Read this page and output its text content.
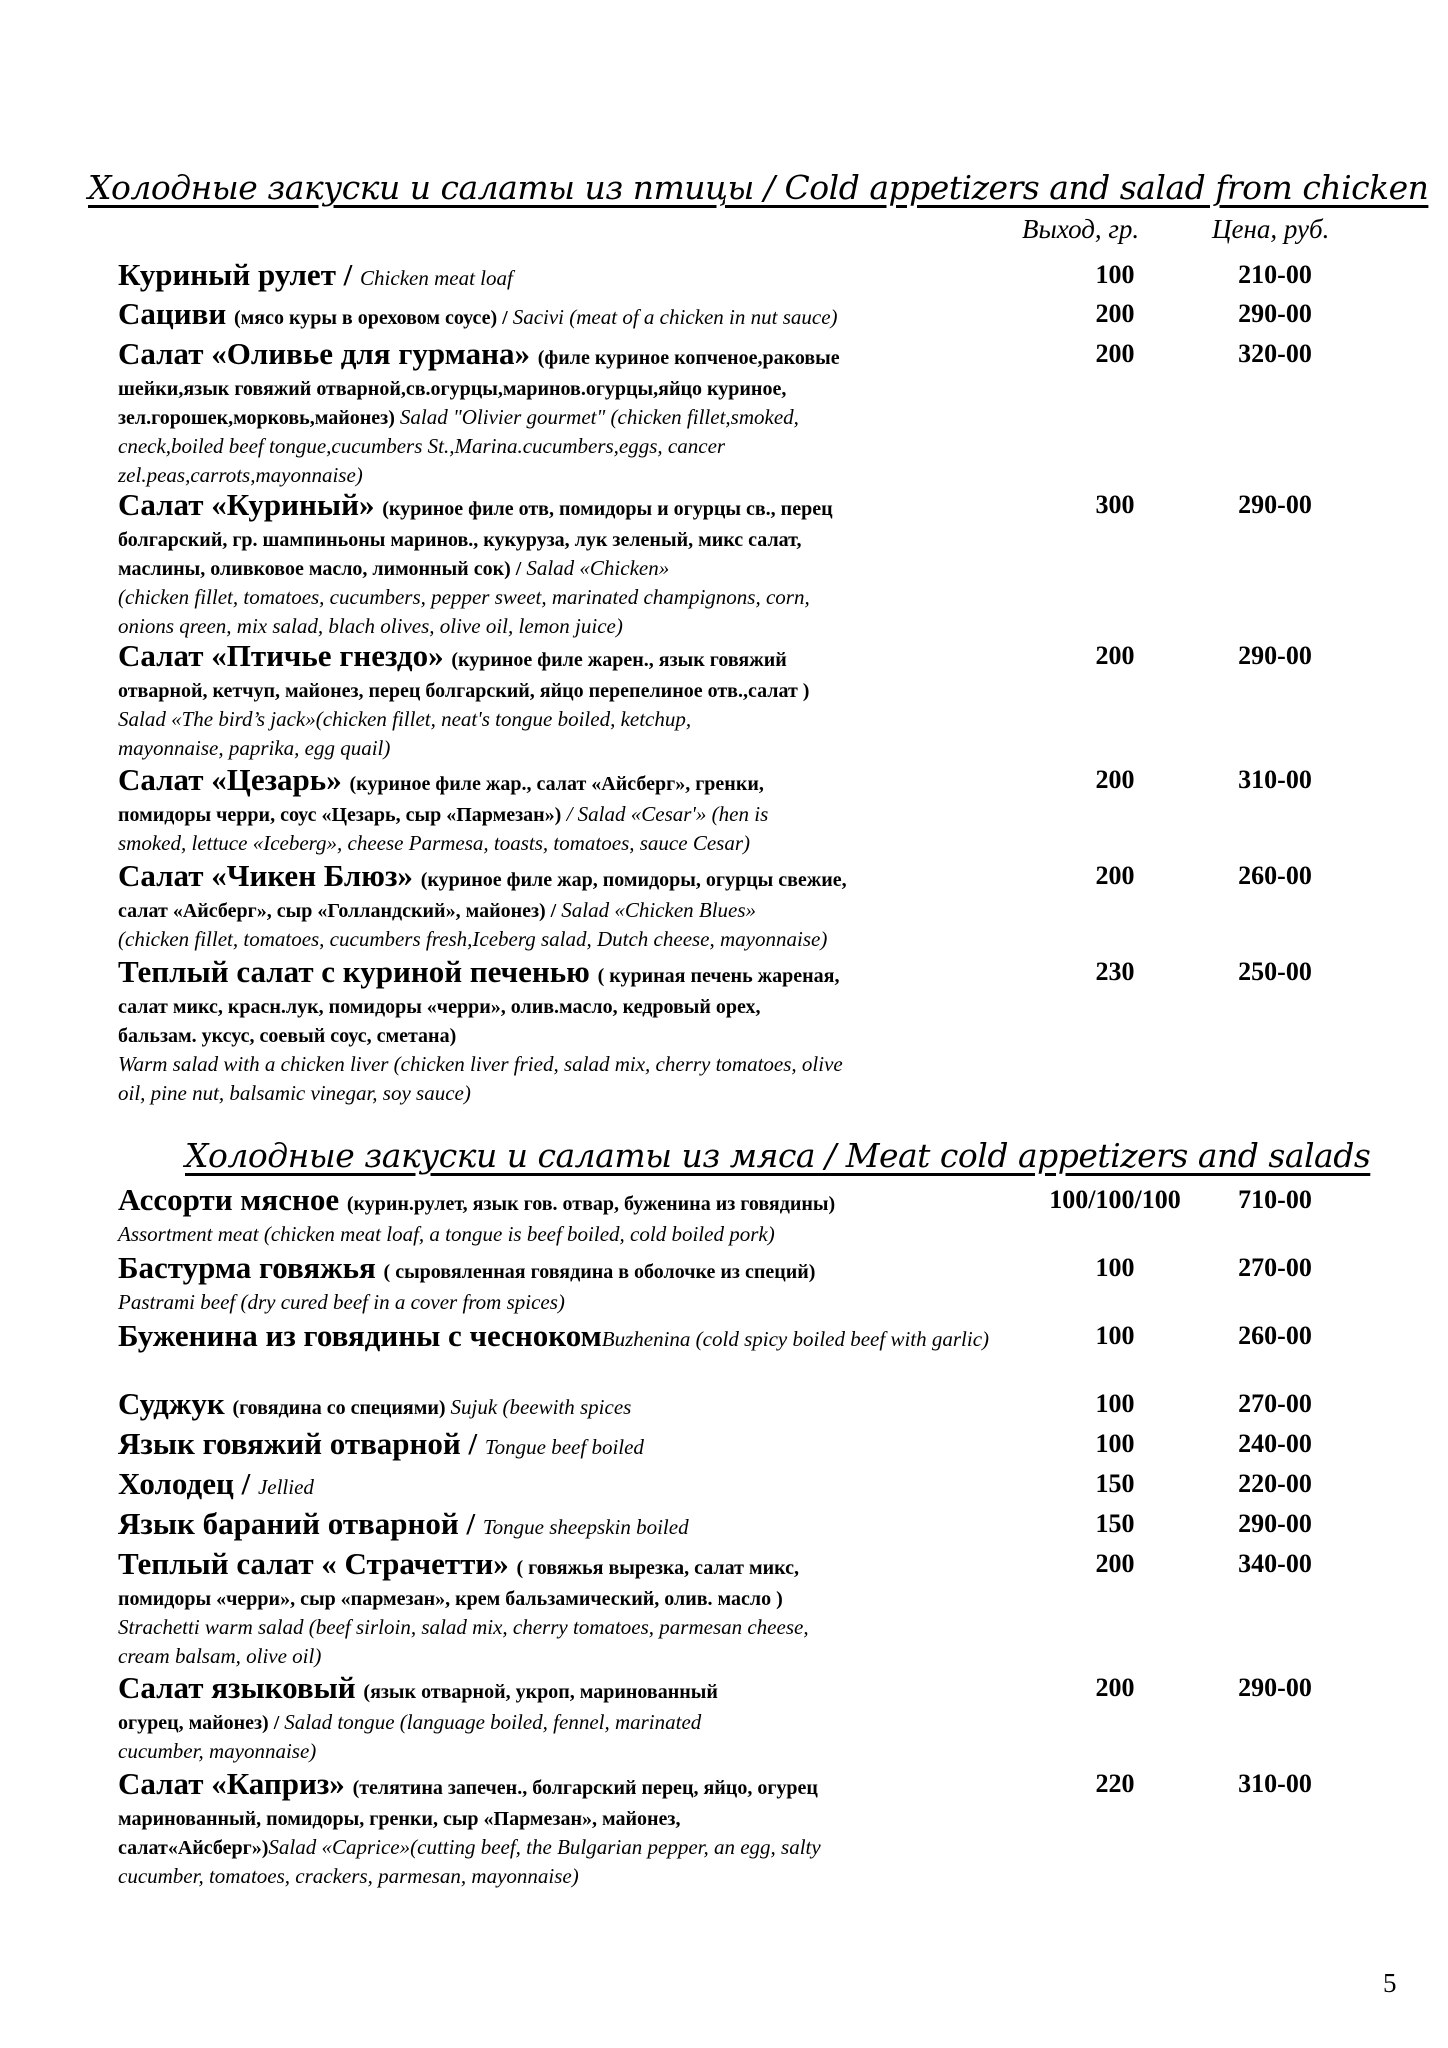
Холодные закуски и салаты из птицы / Cold appetizers and salad from chicken
Выход, гр.	Цена, руб.
Холодные закуски и салаты из мяса / Meat cold appetizers and salads
Куриный рулет / Chicken meat loaf	100	210-00
Сациви (мясо куры в ореховом соусе) / Sacivi (meat of a chicken in nut sauce)	200	290-00
Салат «Оливье для гурмана» (филе куриное копченое,раковые
шейки,язык говяжий отварной,св.огурцы,маринов.огурцы,яйцо куриное,
зел.горошек,морковь,майонез) Salad "Olivier gourmet" (chicken fillet,smoked,
cneck,boiled beef tongue,cucumbers St.,Marina.cucumbers,eggs, cancer
zel.peas,carrots,mayonnaise)
200	320-00
Салат «Куриный» (куриное филе отв, помидоры и огурцы св., перец
болгарский, гр. шампиньоны маринов., кукуруза, лук зеленый, микс салат,
маслины, оливковое масло, лимонный сок) / Salad «Chicken»
(chicken fillet, tomatoes, cucumbers, pepper sweet, marinated champignons, corn,
onions qreen, mix salad, blach olives, olive oil, lemon juice)
300	290-00
Салат «Птичье гнездо» (куриное филе жарен., язык говяжий
отварной, кетчуп, майонез, перец болгарский, яйцо перепелиное отв.,салат )
Salad «The bird’s jack»(chicken fillet, neat's tongue boiled, ketchup,
mayonnaise, paprika, egg quail)
200	290-00
Салат «Цезарь» (куриное филе жар., салат «Айсберг», гренки,
помидоры черри, соус «Цезарь, сыр «Пармезан») / Salad «Cesar'» (hen is
smoked, lettuce «Iceberg», cheese Parmesa, toasts, tomatoes, sauce Cesar)
200	310-00
Салат «Чикен Блюз» (куриное филе жар, помидоры, огурцы свежие,
салат «Айсберг», сыр «Голландский», майонез) / Salad «Chicken Blues»
(chicken fillet, tomatoes, cucumbers fresh,Iceberg salad, Dutch cheese, mayonnaise)
200	260-00
Теплый салат с куриной печенью ( куриная печень жареная,
салат микс, красн.лук, помидоры «черри», олив.масло, кедровый орех,
бальзам. уксус, соевый соус, сметана)
Warm salad with a chicken liver (chicken liver fried, salad mix, cherry tomatoes, olive
oil, pine nut, balsamic vinegar, soy sauce)
230	250-00
Ассорти мясное (курин.рулет, язык гов. отвар, буженина из говядины)
Assortment meat (chicken meat loaf, a tongue is beef boiled, cold boiled pork)
100/100/100	710-00
Бастурма говяжья ( сыровяленная говядина в оболочке из специй)
Pastrami beef (dry cured beef in a cover from spices)
100	270-00
Буженина из говядины с чеснокомBuzhenina (cold spicy boiled beef with garlic)	100	260-00
Суджук (говядина со специями) Sujuk (beewith spices	100	270-00
Язык говяжий отварной / Tongue beef boiled	100	240-00
Холодец / Jellied	150	220-00
Язык бараний отварной / Tongue sheepskin boiled	150	290-00
Теплый салат « Страчетти» ( говяжья вырезка, салат микс,
помидоры «черри», сыр «пармезан», крем бальзамический, олив. масло )
Strachetti warm salad (beef sirloin, salad mix, cherry tomatoes, parmesan cheese,
cream balsam, olive oil)
200	340-00
Салат языковый (язык отварной, укроп, маринованный
огурец, майонез) / Salad tongue (language boiled, fennel, marinated
cucumber, mayonnaise)
200	290-00
Салат «Каприз» (телятина запечен., болгарский перец, яйцо, огурец
маринованный, помидоры, гренки, сыр «Пармезан», майонез,
салат«Айсберг»)Salad «Caprice»(cutting beef, the Bulgarian pepper, an egg, salty
cucumber, tomatoes, crackers, parmesan, mayonnaise)
220	310-00
5
